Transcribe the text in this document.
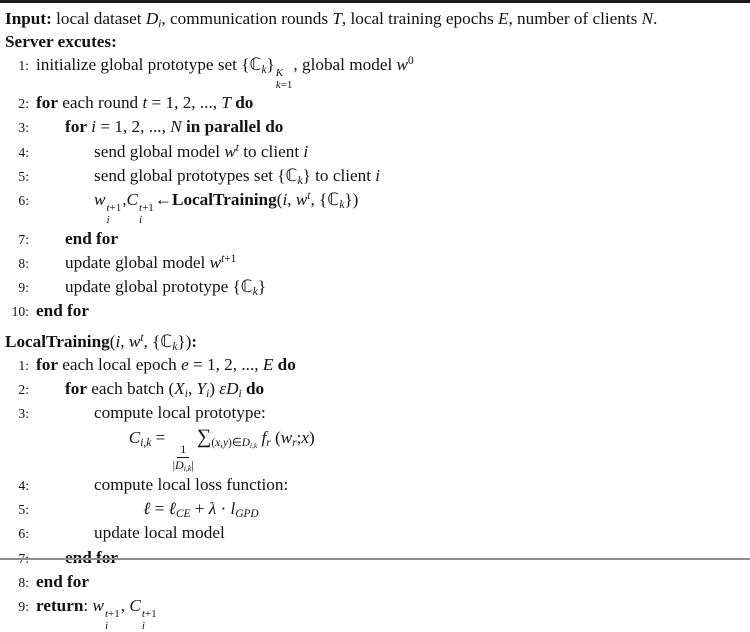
Input: local dataset $D_i$, communication rounds T, local training epochs E, number of clients N.
Server excutes:
1: initialize global prototype set {ℂ$_k$} K
k=1
, global model $w^0$
2: for each round t = 1, 2, ..., T do
3:	for i = 1, 2, ..., N in parallel do
4:	send global model $w^t$ to client i
5:	send global prototypes set {ℂ$_k$} to client i
6:	w t+1
i
,C t+1
i
←LocalTraining(i, $w^t$, {ℂ$_k$})
7:	end for
8:	update global model $w^{t+1}$
9:	update global prototype {ℂ$_k$}
10: end for
LocalTraining(i, $w^t$, {ℂ$_k$}):
1: for each local epoch e = 1, 2, ..., E do
2:	for each batch ($X_i$, $Y_i$) $\varepsilon D_i$ do
3:	compute local prototype:
$C_{i,k}$ =
$\frac{1}{|D_{i,k}|}$
$\sum_{(x,y)\in D_{i,k}}$ $f_r$ $(w_r;x)$
4:	compute local loss function:
5:	ℓ = ℓ$_{CE}$ + $\lambda \cdot l_{GPD}$
6:	update local model
7:	end for
8: end for
9: return: w t+1
i
, C t+1
i
